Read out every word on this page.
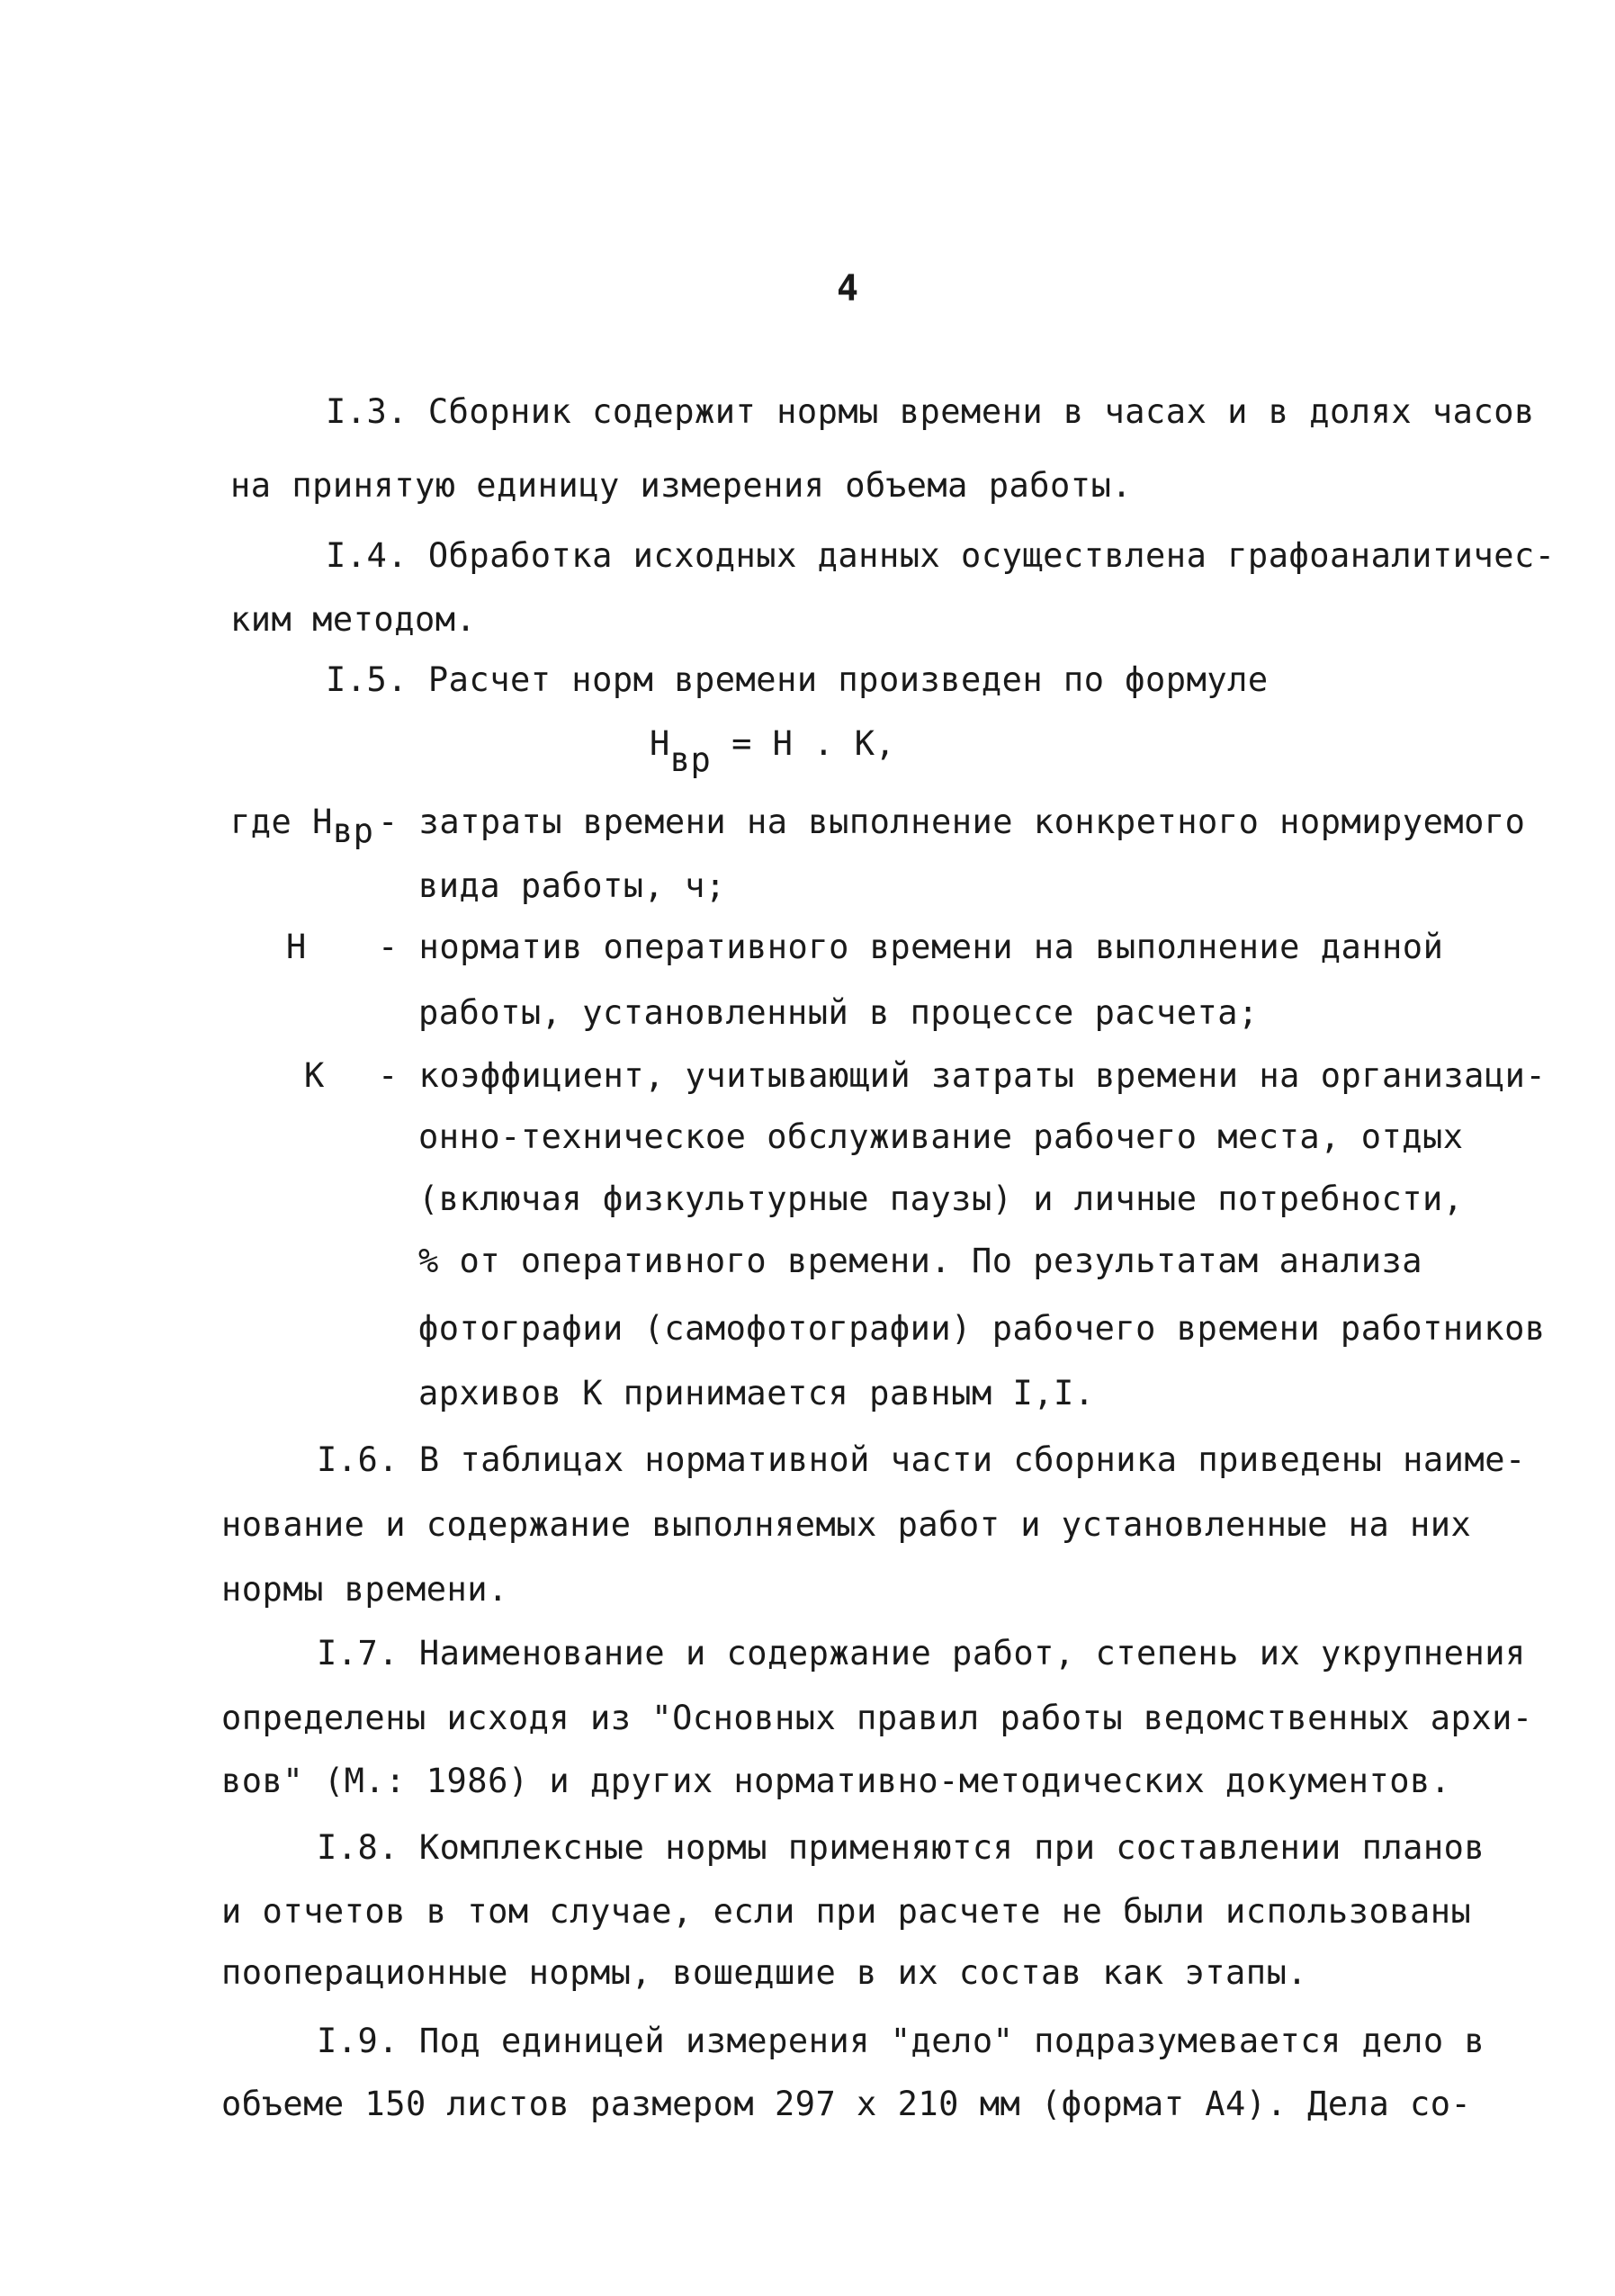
4
I.3. Сборник содержит нормы времени в часах и в долях часов
на принятую единицу измерения объема работы.
I.4. Обработка исходных данных осуществлена графоаналитичес-
ким методом.
I.5. Расчет норм времени произведен по формуле
Нвр = Н . К,
где Нвр - затраты времени на выполнение конкретного нормируемого
вида работы, ч;
Н - норматив оперативного времени на выполнение данной
работы, установленный в процессе расчета;
К - коэффициент, учитывающий затраты времени на организаци-
онно-техническое обслуживание рабочего места, отдых
(включая физкультурные паузы) и личные потребности,
% от оперативного времени. По результатам анализа
фотографии (самофотографии) рабочего времени работников
архивов К принимается равным I,I.
I.6. В таблицах нормативной части сборника приведены наиме-
нование и содержание выполняемых работ и установленные на них
нормы времени.
I.7. Наименование и содержание работ, степень их укрупнения
определены исходя из "Основных правил работы ведомственных архи-
вов" (М.: 1986) и других нормативно-методических документов.
I.8. Комплексные нормы применяются при составлении планов
и отчетов в том случае, если при расчете не были использованы
пооперационные нормы, вошедшие в их состав как этапы.
I.9. Под единицей измерения "дело" подразумевается дело в
объеме 150 листов размером 297 х 210 мм (формат А4). Дела со-
